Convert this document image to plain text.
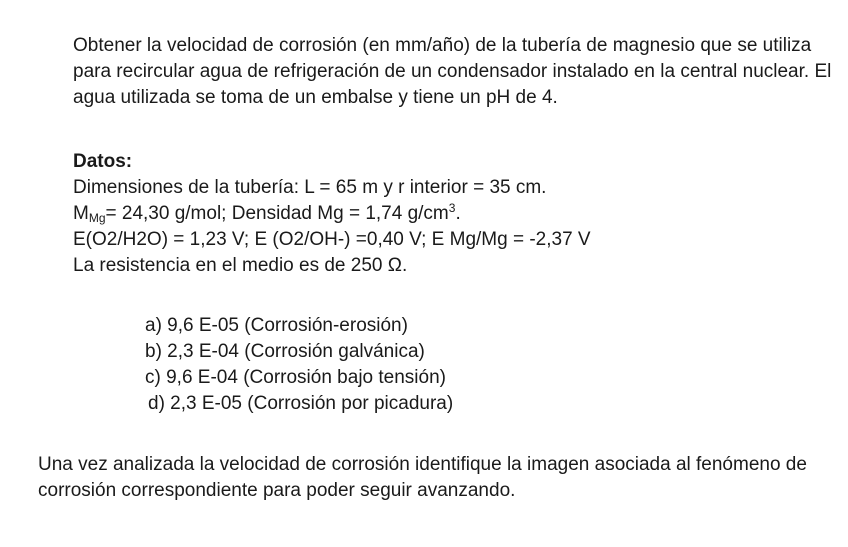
Obtener la velocidad de corrosión (en mm/año) de la tubería de magnesio que se utiliza para recircular agua de refrigeración de un condensador instalado en la central nuclear. El agua utilizada se toma de un embalse y tiene un pH de 4.

Datos:
Dimensiones de la tubería: L = 65 m y r interior = 35 cm.
$M_{Mg}= 24,30$ g/mol; Densidad Mg = 1,74 $g/cm^3$.
E(O2/H2O) = 1,23 V; E (O2/OH-) =0,40 V; E Mg/Mg = -2,37 V
La resistencia en el medio es de 250 Ω.
a) 9,6 E-05 (Corrosión-erosión)
b) 2,3 E-04 (Corrosión galvánica)
c) 9,6 E-04 (Corrosión bajo tensión)
d) 2,3 E-05 (Corrosión por picadura)

Una vez analizada la velocidad de corrosión identifique la imagen asociada al fenómeno de corrosión correspondiente para poder seguir avanzando.
